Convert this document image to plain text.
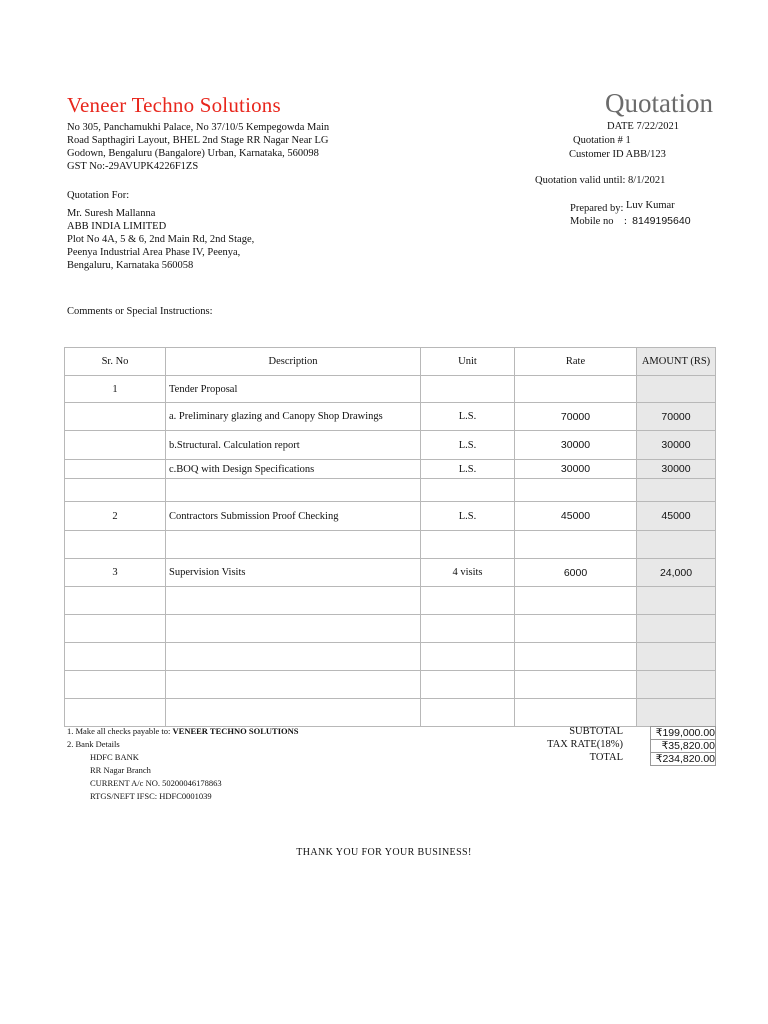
Veneer Techno Solutions	Quotation
No 305, Panchamukhi Palace, No 37/10/5 Kempegowda Main
Road Sapthagiri Layout, BHEL 2nd Stage RR Nagar Near LG
Godown, Bengaluru (Bangalore) Urban, Karnataka, 560098
GST No:-29AVUPK4226F1ZS
DATE 7/22/2021
Quotation # 1
Customer ID ABB/123
Quotation valid until: 8/1/2021
Prepared by: Luv Kumar
Mobile no : 8149195640
Quotation For:
Mr. Suresh Mallanna
ABB INDIA LIMITED
Plot No 4A, 5 & 6, 2nd Main Rd, 2nd Stage,
Peenya Industrial Area Phase IV, Peenya,
Bengaluru, Karnataka 560058
Comments or Special Instructions:
Sr. No	Description	Unit	Rate	AMOUNT (RS)
1	Tender Proposal			
	a. Preliminary glazing and Canopy Shop Drawings	L.S.	70000	70000
	b.Structural. Calculation report	L.S.	30000	30000
	c.BOQ with Design Specifications	L.S.	30000	30000

2	Contractors Submission Proof Checking	L.S.	45000	45000

3	Supervision Visits	4 visits	6000	24,000

1. Make all checks payable to: VENEER TECHNO SOLUTIONS
2. Bank Details
HDFC BANK
RR Nagar Branch
CURRENT A/c NO. 50200046178863
RTGS/NEFT IFSC: HDFC0001039
SUBTOTAL	₹199,000.00
TAX RATE(18%)	₹35,820.00
TOTAL	₹234,820.00
THANK YOU FOR YOUR BUSINESS!
